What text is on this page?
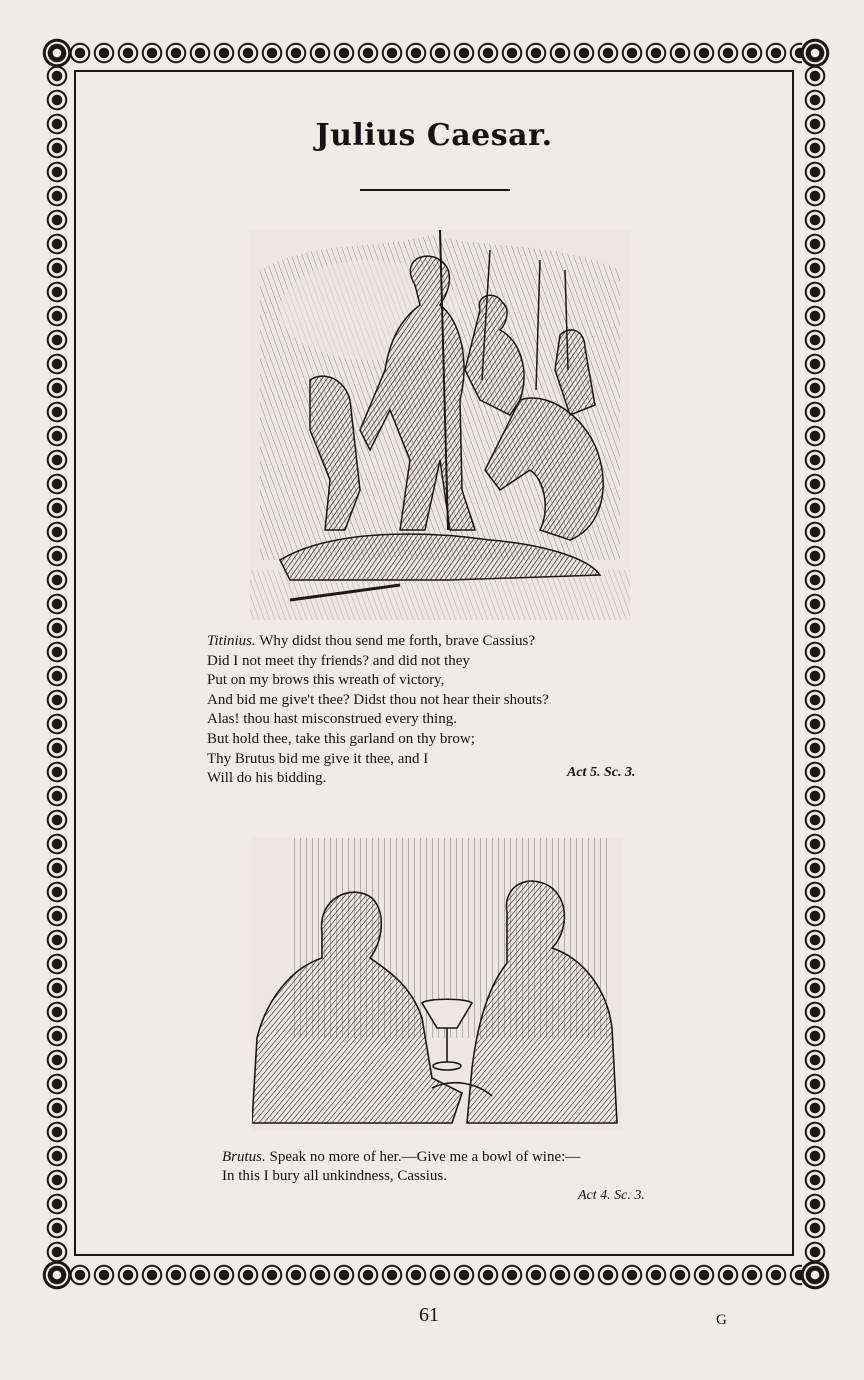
Julius Caesar.
Titinius. Why didst thou send me forth, brave Cassius?
Did I not meet thy friends? and did not they
Put on my brows this wreath of victory,
And bid me give't thee? Didst thou not hear their shouts?
Alas! thou hast misconstrued every thing.
But hold thee, take this garland on thy brow;
Thy Brutus bid me give it thee, and I
Will do his bidding.	Act 5. Sc. 3.
Brutus. Speak no more of her.—Give me a bowl of wine:—
In this I bury all unkindness, Cassius.
Act 4. Sc. 3.
61	G
